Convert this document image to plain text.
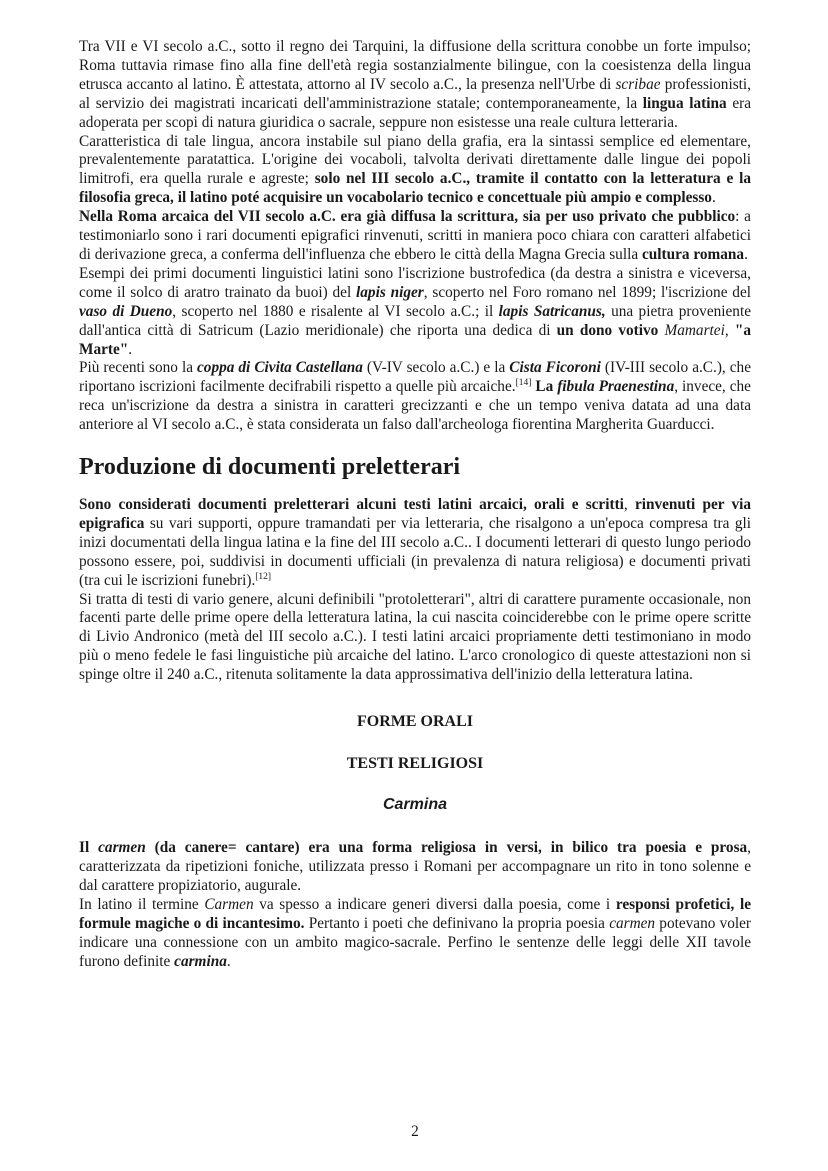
Tra VII e VI secolo a.C., sotto il regno dei Tarquini, la diffusione della scrittura conobbe un forte impulso; Roma tuttavia rimase fino alla fine dell'età regia sostanzialmente bilingue, con la coesistenza della lingua etrusca accanto al latino. È attestata, attorno al IV secolo a.C., la presenza nell'Urbe di scribae professionisti, al servizio dei magistrati incaricati dell'amministrazione statale; contemporaneamente, la lingua latina era adoperata per scopi di natura giuridica o sacrale, seppure non esistesse una reale cultura letteraria.

Caratteristica di tale lingua, ancora instabile sul piano della grafia, era la sintassi semplice ed elementare, prevalentemente paratattica. L'origine dei vocaboli, talvolta derivati direttamente dalle lingue dei popoli limitrofi, era quella rurale e agreste; solo nel III secolo a.C., tramite il contatto con la letteratura e la filosofia greca, il latino poté acquisire un vocabolario tecnico e concettuale più ampio e complesso.

Nella Roma arcaica del VII secolo a.C. era già diffusa la scrittura, sia per uso privato che pubblico: a testimoniarlo sono i rari documenti epigrafici rinvenuti, scritti in maniera poco chiara con caratteri alfabetici di derivazione greca, a conferma dell'influenza che ebbero le città della Magna Grecia sulla cultura romana.

Esempi dei primi documenti linguistici latini sono l'iscrizione bustrofedica (da destra a sinistra e viceversa, come il solco di aratro trainato da buoi) del lapis niger, scoperto nel Foro romano nel 1899; l'iscrizione del vaso di Dueno, scoperto nel 1880 e risalente al VI secolo a.C.; il lapis Satricanus, una pietra proveniente dall'antica città di Satricum (Lazio meridionale) che riporta una dedica di un dono votivo Mamartei, "a Marte".

Più recenti sono la coppa di Civita Castellana (V-IV secolo a.C.) e la Cista Ficoroni (IV-III secolo a.C.), che riportano iscrizioni facilmente decifrabili rispetto a quelle più arcaiche.[14] La fibula Praenestina, invece, che reca un'iscrizione da destra a sinistra in caratteri grecizzanti e che un tempo veniva datata ad una data anteriore al VI secolo a.C., è stata considerata un falso dall'archeologa fiorentina Margherita Guarducci.

Produzione di documenti preletterari

Sono considerati documenti preletterari alcuni testi latini arcaici, orali e scritti, rinvenuti per via epigrafica su vari supporti, oppure tramandati per via letteraria, che risalgono a un'epoca compresa tra gli inizi documentati della lingua latina e la fine del III secolo a.C.. I documenti letterari di questo lungo periodo possono essere, poi, suddivisi in documenti ufficiali (in prevalenza di natura religiosa) e documenti privati (tra cui le iscrizioni funebri).[12]

Si tratta di testi di vario genere, alcuni definibili "protoletterari", altri di carattere puramente occasionale, non facenti parte delle prime opere della letteratura latina, la cui nascita coinciderebbe con le prime opere scritte di Livio Andronico (metà del III secolo a.C.). I testi latini arcaici propriamente detti testimoniano in modo più o meno fedele le fasi linguistiche più arcaiche del latino. L'arco cronologico di queste attestazioni non si spinge oltre il 240 a.C., ritenuta solitamente la data approssimativa dell'inizio della letteratura latina.

FORME ORALI

TESTI RELIGIOSI

Carmina

Il carmen (da canere= cantare) era una forma religiosa in versi, in bilico tra poesia e prosa, caratterizzata da ripetizioni foniche, utilizzata presso i Romani per accompagnare un rito in tono solenne e dal carattere propiziatorio, augurale.

In latino il termine Carmen va spesso a indicare generi diversi dalla poesia, come i responsi profetici, le formule magiche o di incantesimo. Pertanto i poeti che definivano la propria poesia carmen potevano voler indicare una connessione con un ambito magico-sacrale. Perfino le sentenze delle leggi delle XII tavole furono definite carmina.

2
